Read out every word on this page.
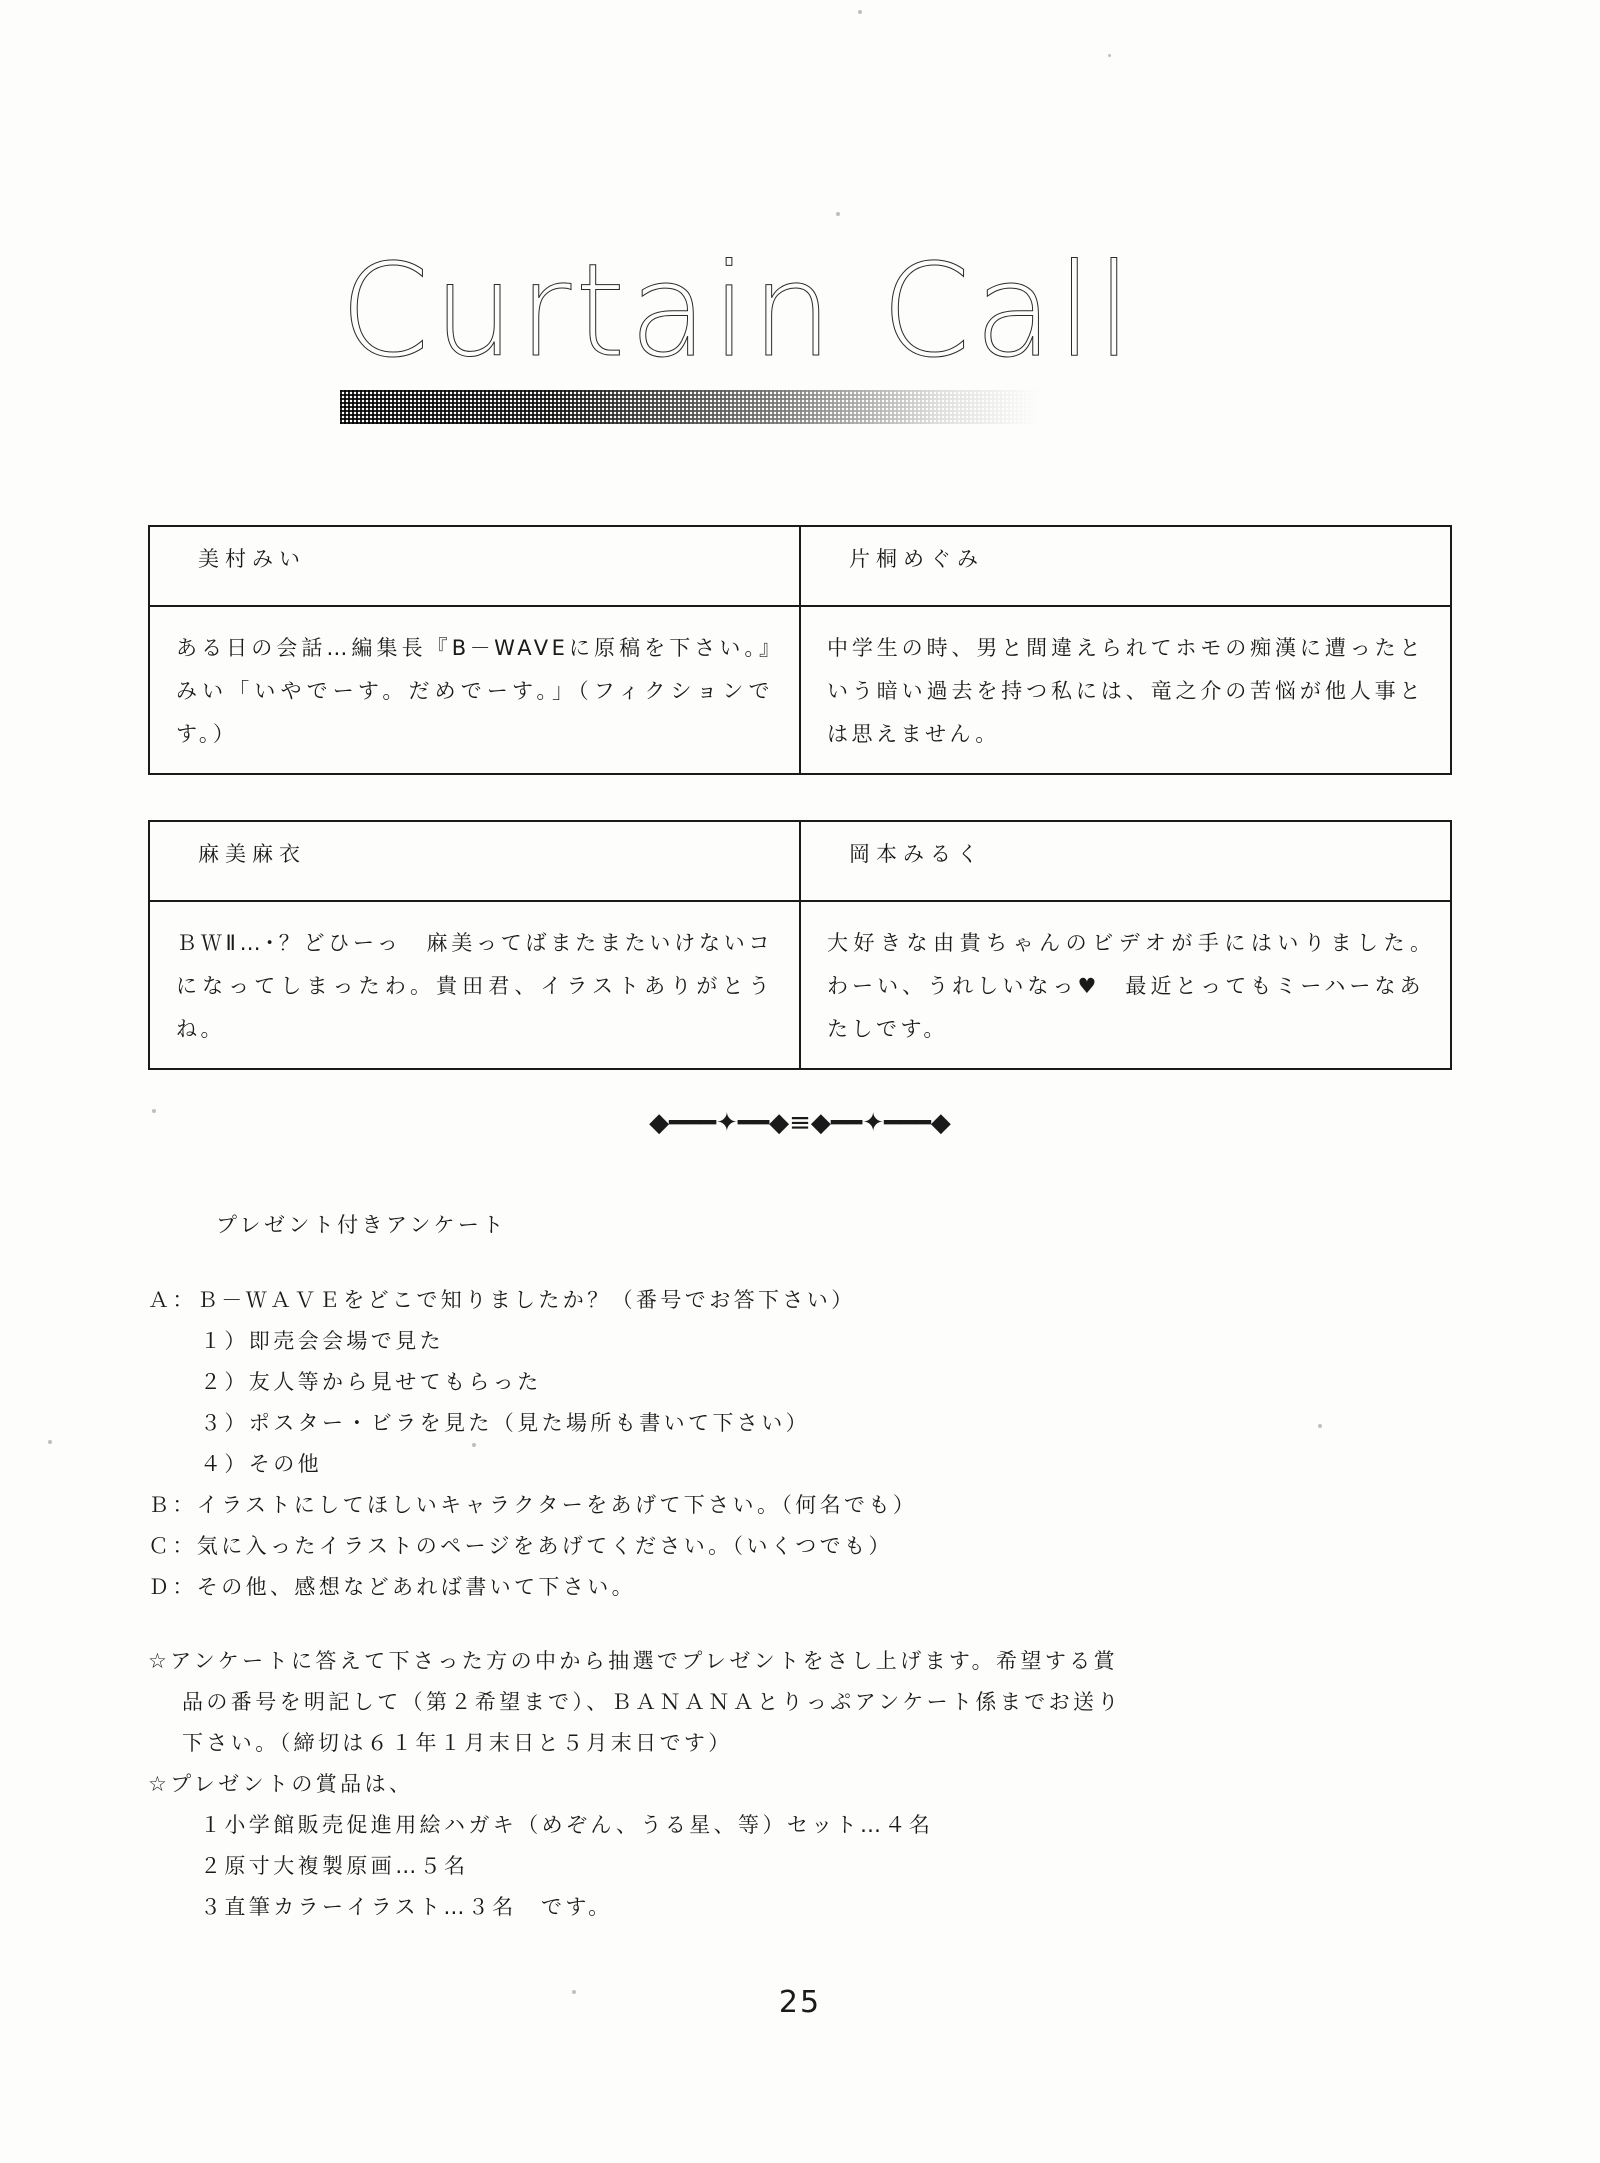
Curtain Call
美村みい	片桐めぐみ

ある日の会話…編集長『B－WAVEに原稿を下さい。』　みい「いやでーす。だめでーす。」（フィクションです。）	中学生の時、男と間違えられてホモの痴漢に遭ったという暗い過去を持つ私には、竜之介の苦悩が他人事とは思えません。
麻美麻衣	岡本みるく

ＢＷⅡ…･？どひーっ　麻美ってばまたまたいけないコになってしまったわ。貴田君、イラストありがとうね。	大好きな由貴ちゃんのビデオが手にはいりました。　わーい、うれしいなっ♥　最近とってもミーハーなあたしです。
◆━━━✦━━◆≡◆━━✦━━━◆
プレゼント付きアンケート
Ａ：Ｂ－ＷＡＶＥをどこで知りましたか？（番号でお答下さい）
１）即売会会場で見た
２）友人等から見せてもらった
３）ポスター・ビラを見た（見た場所も書いて下さい）
４）その他
Ｂ：イラストにしてほしいキャラクターをあげて下さい。（何名でも）
Ｃ：気に入ったイラストのページをあげてください。（いくつでも）
Ｄ：その他、感想などあれば書いて下さい。
☆アンケートに答えて下さった方の中から抽選でプレゼントをさし上げます。希望する賞
品の番号を明記して（第２希望まで）、ＢＡＮＡＮＡとりっぷアンケート係までお送り
下さい。（締切は６１年１月末日と５月末日です）
☆プレゼントの賞品は、
１小学館販売促進用絵ハガキ（めぞん、うる星、等）セット…４名
２原寸大複製原画…５名
３直筆カラーイラスト…３名　です。
25
